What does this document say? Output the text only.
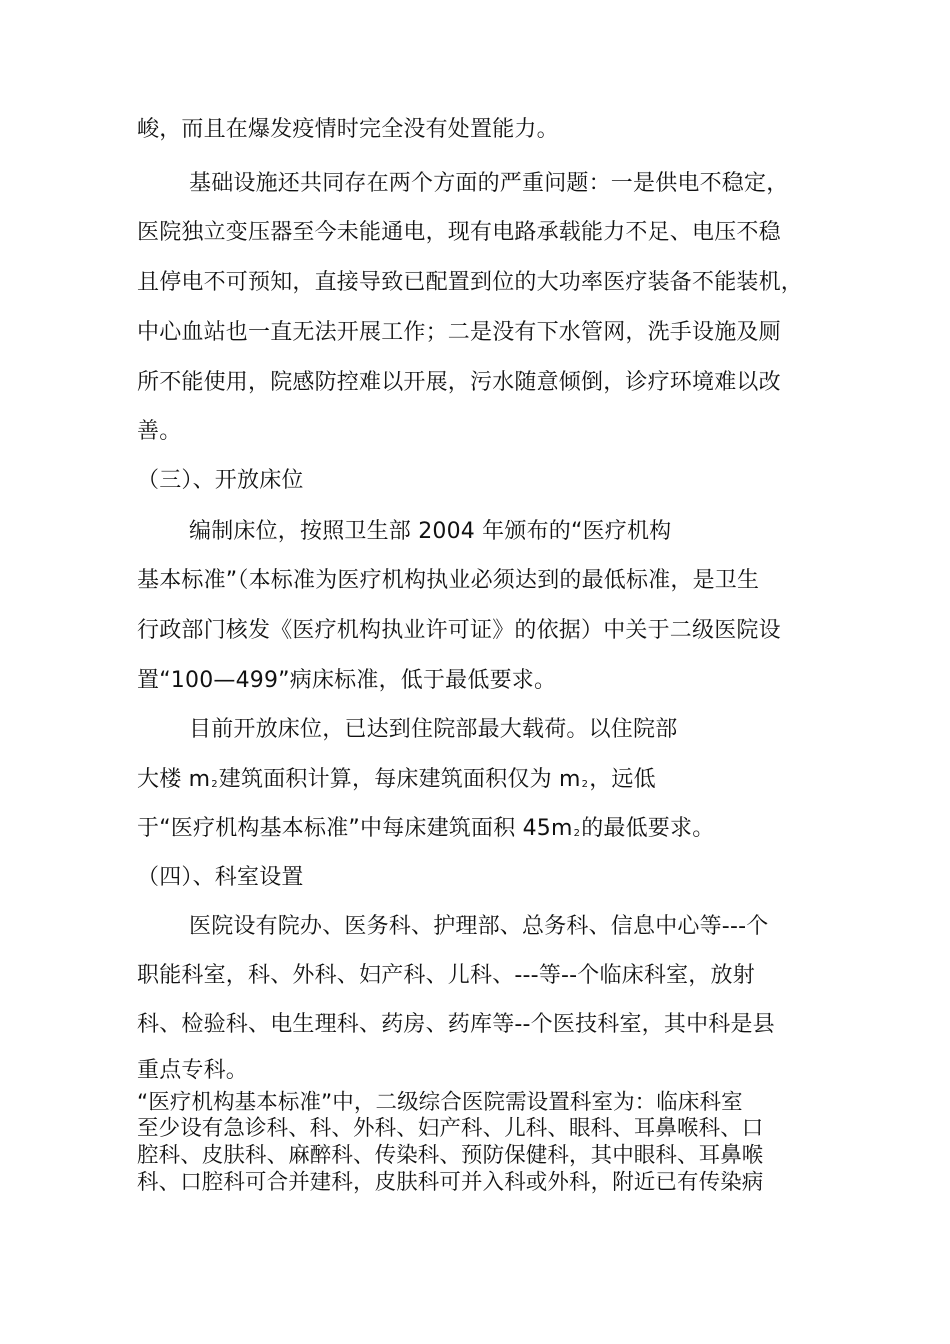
峻，而且在爆发疫情时完全没有处置能力。
基础设施还共同存在两个方面的严重问题：一是供电不稳定，
医院独立变压器至今未能通电，现有电路承载能力不足、电压不稳
且停电不可预知，直接导致已配置到位的大功率医疗装备不能装机，
中心血站也一直无法开展工作；二是没有下水管网，洗手设施及厕
所不能使用，院感防控难以开展，污水随意倾倒，诊疗环境难以改
善。
（三）、开放床位
编制床位，按照卫生部 2004 年颁布的“医疗机构
基本标准”（本标准为医疗机构执业必须达到的最低标准，是卫生
行政部门核发《医疗机构执业许可证》的依据）中关于二级医院设
置“100—499”病床标准，低于最低要求。
目前开放床位，已达到住院部最大载荷。以住院部
大楼 $m_2$建筑面积计算，每床建筑面积仅为 $m_2$，远低
于“医疗机构基本标准”中每床建筑面积 $45m_2$的最低要求。
（四）、科室设置
医院设有院办、医务科、护理部、总务科、信息中心等---个
职能科室，科、外科、妇产科、儿科、---等--个临床科室，放射
科、检验科、电生理科、药房、药库等--个医技科室，其中科是县
重点专科。
“医疗机构基本标准”中，二级综合医院需设置科室为：临床科室
至少设有急诊科、科、外科、妇产科、儿科、眼科、耳鼻喉科、口
腔科、皮肤科、麻醉科、传染科、预防保健科，其中眼科、耳鼻喉
科、口腔科可合并建科，皮肤科可并入科或外科，附近已有传染病
